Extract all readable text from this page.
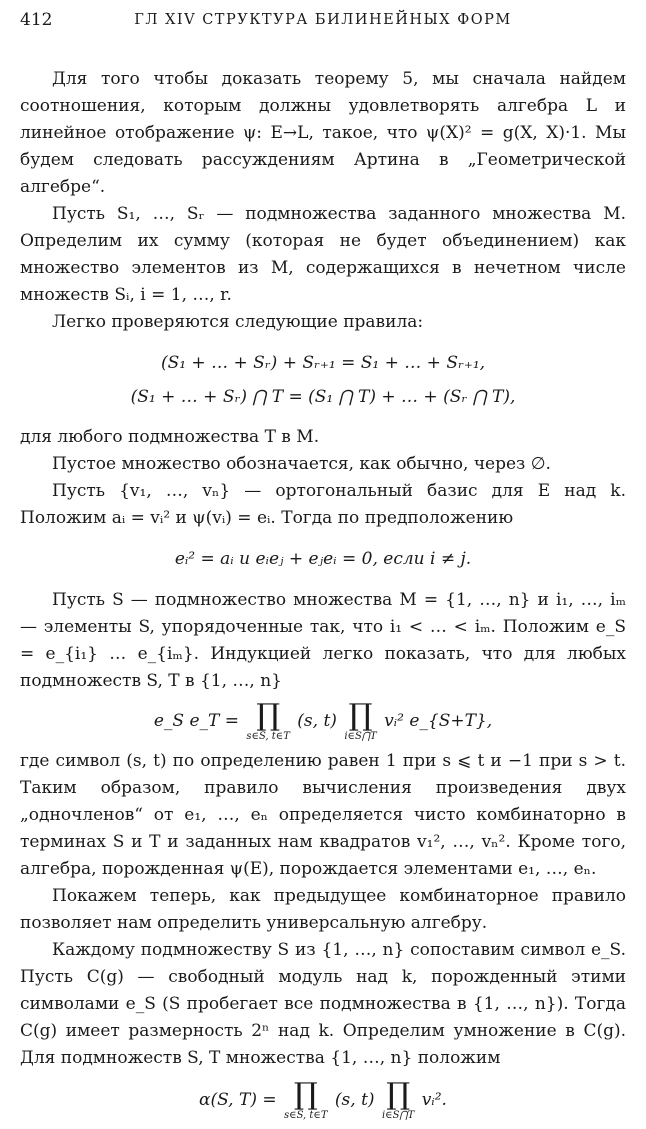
412	ГЛ XIV СТРУКТУРА БИЛИНЕЙНЫХ ФОРМ

Для того чтобы доказать теорему 5, мы сначала найдем соотношения, которым должны удовлетворять алгебра L и линейное отображение ψ: E→L, такое, что ψ(X)² = g(X, X)·1. Мы будем следовать рассуждениям Артина в „Геометрической алгебре“.

Пусть S₁, …, Sᵣ — подмножества заданного множества M. Определим их сумму (которая не будет объединением) как множество элементов из M, содержащихся в нечетном числе множеств Sᵢ, i = 1, …, r.

Легко проверяются следующие правила:

(S₁ + … + Sᵣ) + Sᵣ₊₁ = S₁ + … + Sᵣ₊₁,
(S₁ + … + Sᵣ) ⋂ T = (S₁ ⋂ T) + … + (Sᵣ ⋂ T),

для любого подмножества T в M.

Пустое множество обозначается, как обычно, через ∅.

Пусть {v₁, …, vₙ} — ортогональный базис для E над k. Положим aᵢ = vᵢ² и ψ(vᵢ) = eᵢ. Тогда по предположению

eᵢ² = aᵢ и eᵢeⱼ + eⱼeᵢ = 0, если i ≠ j.

Пусть S — подмножество множества M = {1, …, n} и i₁, …, iₘ — элементы S, упорядоченные так, что i₁ < … < iₘ. Положим e_S = e_{i₁} … e_{iₘ}. Индукцией легко показать, что для любых подмножеств S, T в {1, …, n}

e_S e_T = ∏
s∈S, t∈T
(s, t) ∏
i∈S⋂T
vᵢ² e_{S+T},

где символ (s, t) по определению равен 1 при s ⩽ t и −1 при s > t. Таким образом, правило вычисления произведения двух „одночленов“ от e₁, …, eₙ определяется чисто комбинаторно в терминах S и T и заданных нам квадратов v₁², …, vₙ². Кроме того, алгебра, порожденная ψ(E), порождается элементами e₁, …, eₙ.

Покажем теперь, как предыдущее комбинаторное правило позволяет нам определить универсальную алгебру.

Каждому подмножеству S из {1, …, n} сопоставим символ e_S. Пусть C(g) — свободный модуль над k, порожденный этими символами e_S (S пробегает все подмножества в {1, …, n}). Тогда C(g) имеет размерность 2ⁿ над k. Определим умножение в C(g). Для подмножеств S, T множества {1, …, n} положим

α(S, T) = ∏
s∈S, t∈T
(s, t) ∏
i∈S⋂T
vᵢ².
